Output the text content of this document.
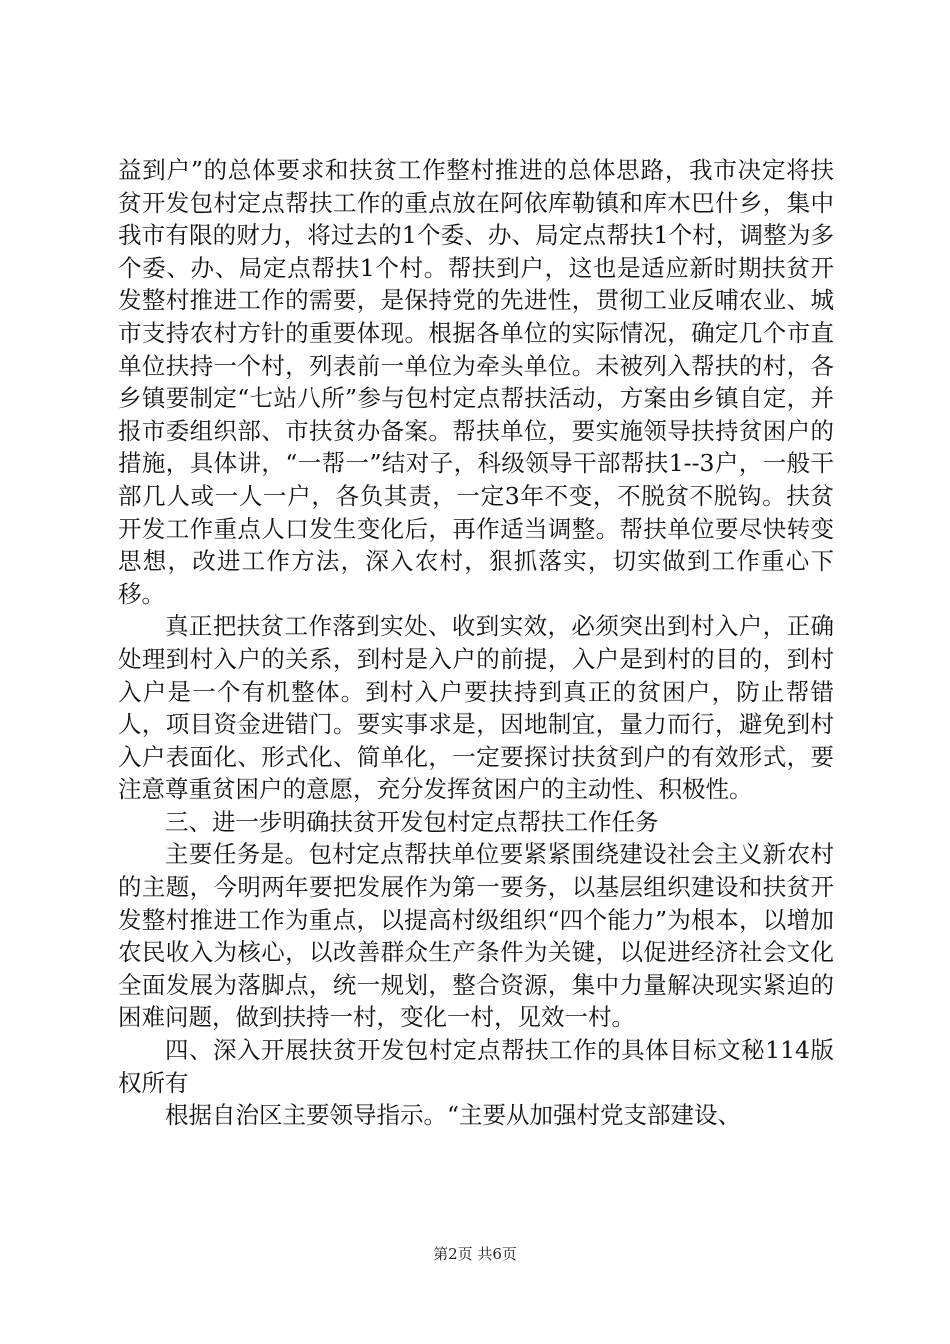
益到户”的总体要求和扶贫工作整村推进的总体思路，我市决定将扶贫开发包村定点帮扶工作的重点放在阿依库勒镇和库木巴什乡，集中我市有限的财力，将过去的1个委、办、局定点帮扶1个村，调整为多个委、办、局定点帮扶1个村。帮扶到户，这也是适应新时期扶贫开发整村推进工作的需要，是保持党的先进性，贯彻工业反哺农业、城市支持农村方针的重要体现。根据各单位的实际情况，确定几个市直单位扶持一个村，列表前一单位为牵头单位。未被列入帮扶的村，各乡镇要制定“七站八所”参与包村定点帮扶活动，方案由乡镇自定，并报市委组织部、市扶贫办备案。帮扶单位，要实施领导扶持贫困户的措施，具体讲，“一帮一”结对子，科级领导干部帮扶1--3户，一般干部几人或一人一户，各负其责，一定3年不变，不脱贫不脱钩。扶贫开发工作重点人口发生变化后，再作适当调整。帮扶单位要尽快转变思想，改进工作方法，深入农村，狠抓落实，切实做到工作重心下移。

真正把扶贫工作落到实处、收到实效，必须突出到村入户，正确处理到村入户的关系，到村是入户的前提，入户是到村的目的，到村入户是一个有机整体。到村入户要扶持到真正的贫困户，防止帮错人，项目资金进错门。要实事求是，因地制宜，量力而行，避免到村入户表面化、形式化、简单化，一定要探讨扶贫到户的有效形式，要注意尊重贫困户的意愿，充分发挥贫困户的主动性、积极性。

三、进一步明确扶贫开发包村定点帮扶工作任务

主要任务是。包村定点帮扶单位要紧紧围绕建设社会主义新农村的主题，今明两年要把发展作为第一要务，以基层组织建设和扶贫开发整村推进工作为重点，以提高村级组织“四个能力”为根本，以增加农民收入为核心，以改善群众生产条件为关键，以促进经济社会文化全面发展为落脚点，统一规划，整合资源，集中力量解决现实紧迫的困难问题，做到扶持一村，变化一村，见效一村。

四、深入开展扶贫开发包村定点帮扶工作的具体目标文秘114版权所有

根据自治区主要领导指示。“主要从加强村党支部建设、

第2页 共6页
